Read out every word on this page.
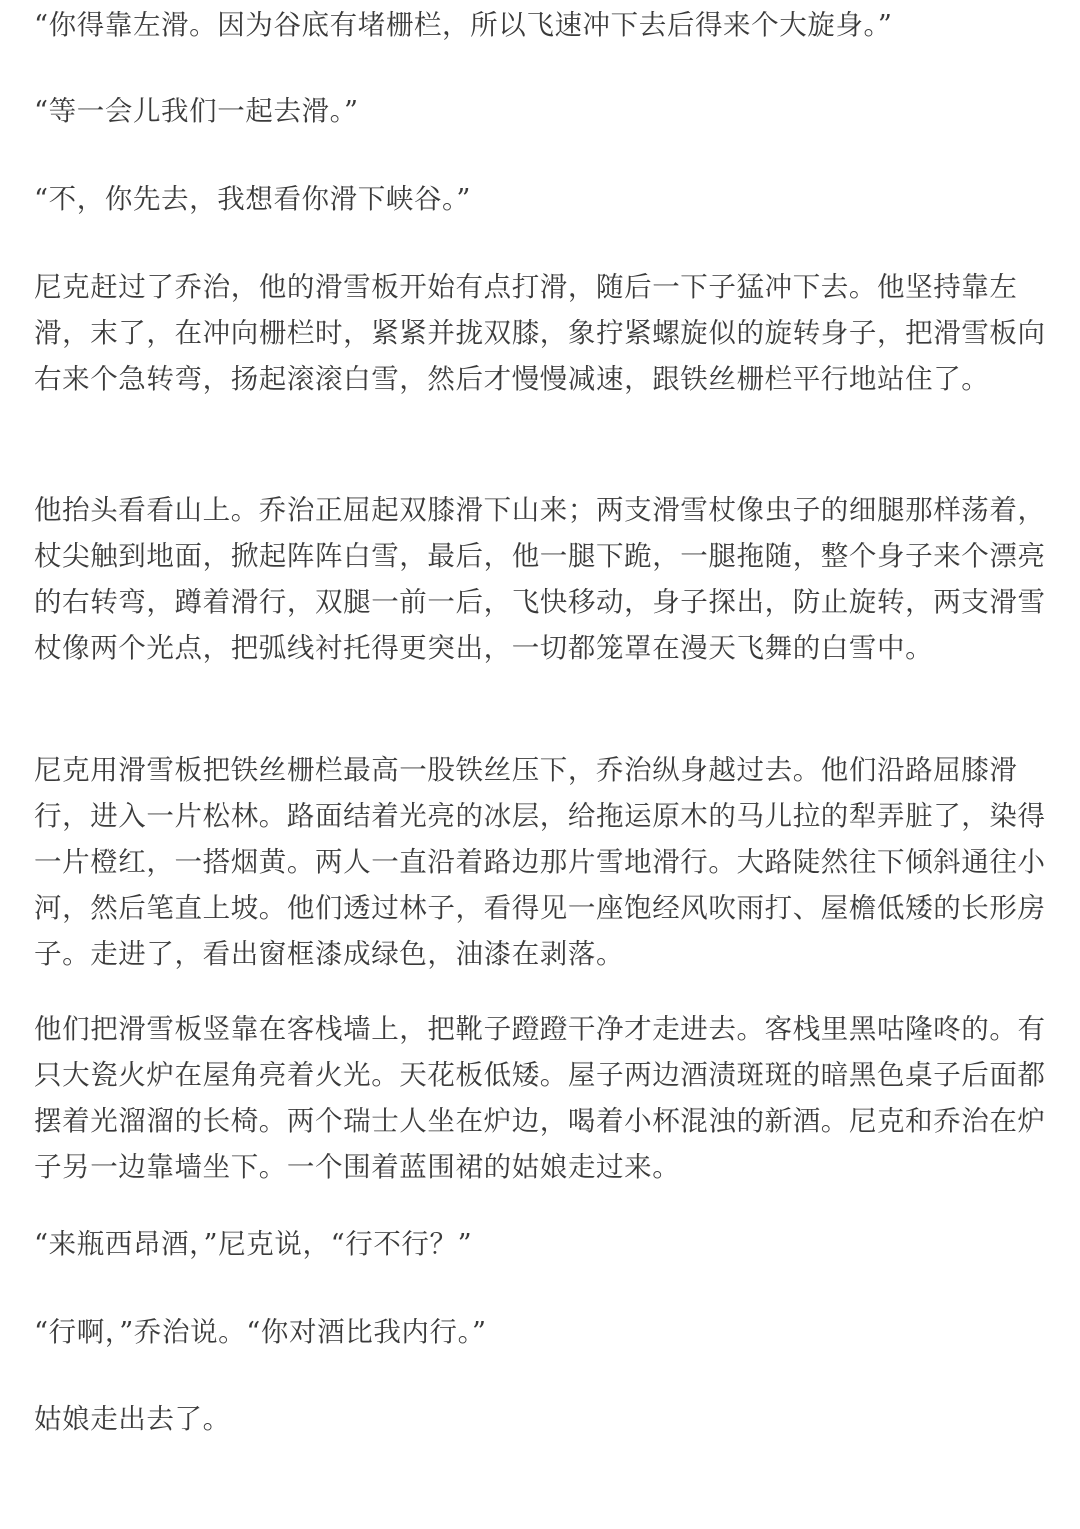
“你得靠左滑。因为谷底有堵栅栏，所以飞速冲下去后得来个大旋身。”

“等一会儿我们一起去滑。”

“不，你先去，我想看你滑下峡谷。”

尼克赶过了乔治，他的滑雪板开始有点打滑，随后一下子猛冲下去。他坚持靠左滑，末了，在冲向栅栏时，紧紧并拢双膝，象拧紧螺旋似的旋转身子，把滑雪板向右来个急转弯，扬起滚滚白雪，然后才慢慢减速，跟铁丝栅栏平行地站住了。

他抬头看看山上。乔治正屈起双膝滑下山来；两支滑雪杖像虫子的细腿那样荡着，杖尖触到地面，掀起阵阵白雪，最后，他一腿下跪，一腿拖随，整个身子来个漂亮的右转弯，蹲着滑行，双腿一前一后，飞快移动，身子探出，防止旋转，两支滑雪杖像两个光点，把弧线衬托得更突出，一切都笼罩在漫天飞舞的白雪中。

尼克用滑雪板把铁丝栅栏最高一股铁丝压下，乔治纵身越过去。他们沿路屈膝滑行，进入一片松林。路面结着光亮的冰层，给拖运原木的马儿拉的犁弄脏了，染得一片橙红，一搭烟黄。两人一直沿着路边那片雪地滑行。大路陡然往下倾斜通往小河，然后笔直上坡。他们透过林子，看得见一座饱经风吹雨打、屋檐低矮的长形房子。走进了，看出窗框漆成绿色，油漆在剥落。

他们把滑雪板竖靠在客栈墙上，把靴子蹬蹬干净才走进去。客栈里黑咕隆咚的。有只大瓷火炉在屋角亮着火光。天花板低矮。屋子两边酒渍斑斑的暗黑色桌子后面都摆着光溜溜的长椅。两个瑞士人坐在炉边，喝着小杯混浊的新酒。尼克和乔治在炉子另一边靠墙坐下。一个围着蓝围裙的姑娘走过来。

“来瓶西昂酒，”尼克说，“行不行？”

“行啊，”乔治说。“你对酒比我内行。”

姑娘走出去了。
